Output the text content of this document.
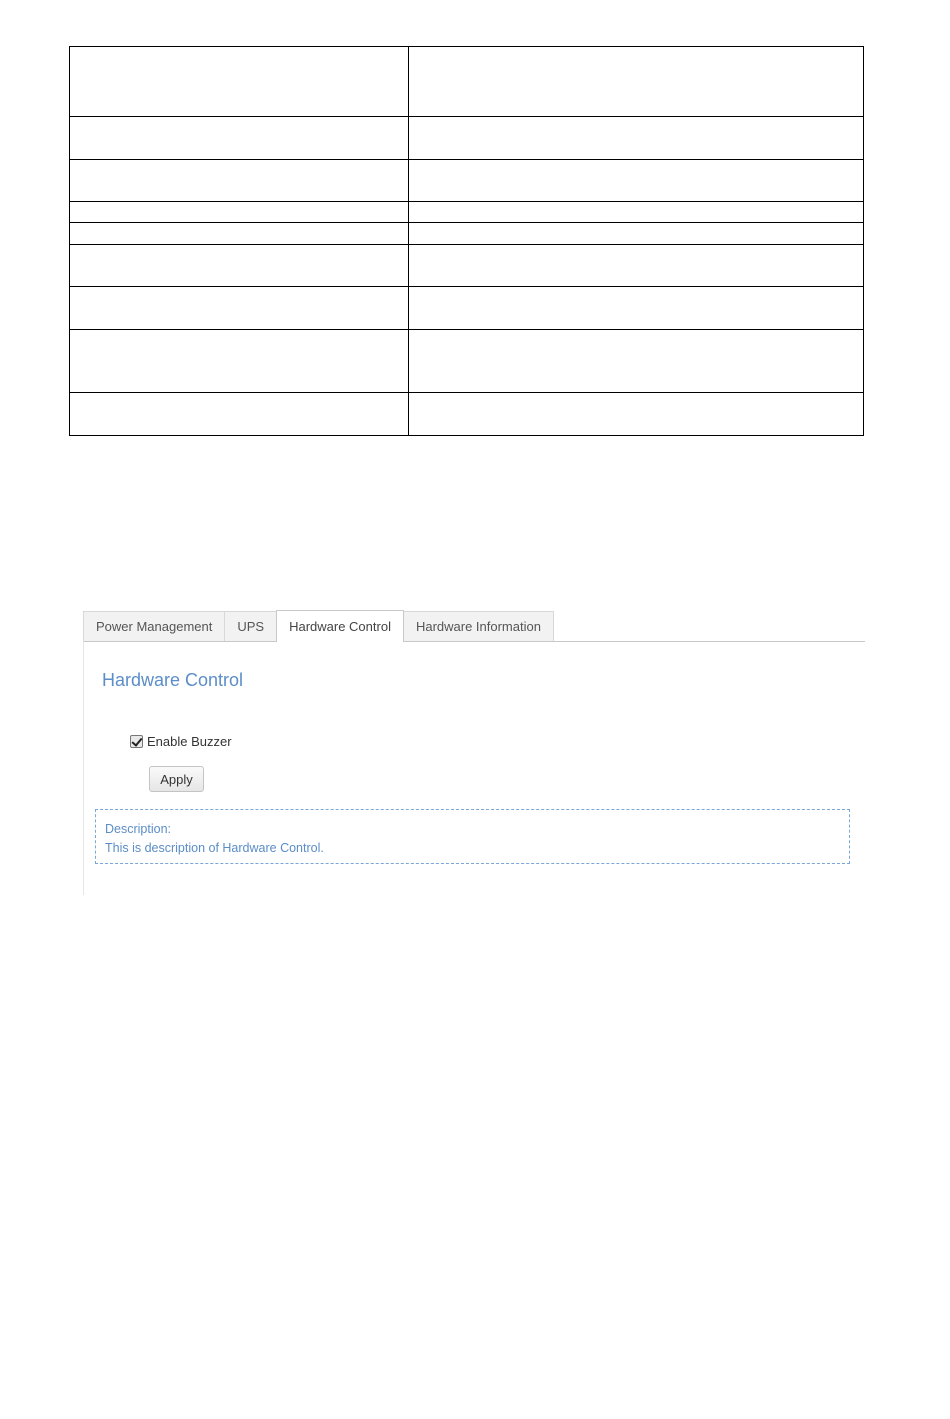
Power Management	UPS	Hardware Control	Hardware Information
Hardware Control
Enable Buzzer
Apply
Description:
This is description of Hardware Control.
